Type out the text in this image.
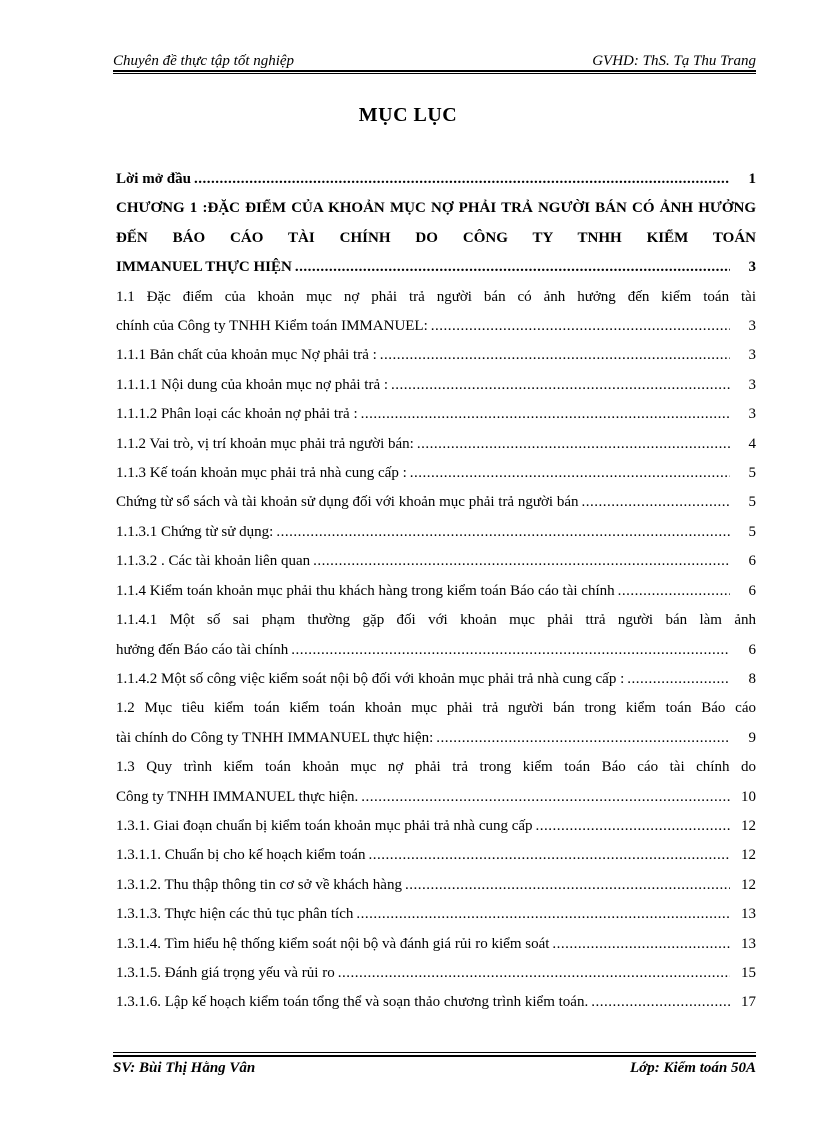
Chuyên đề thực tập tốt nghiệp	GVHD: ThS. Tạ Thu Trang
MỤC LỤC
Lời mở đầu .....	1
CHƯƠNG 1 :ĐẶC ĐIỂM CỦA KHOẢN MỤC NỢ PHẢI TRẢ NGƯỜI BÁN CÓ ẢNH HƯỞNG ĐẾN BÁO CÁO TÀI CHÍNH DO CÔNG TY TNHH KIỂM TOÁN
IMMANUEL THỰC HIỆN .....	3
1.1 Đặc điểm của khoản mục nợ phải trả người bán có ảnh hưởng đến kiểm toán tài
chính của Công ty TNHH Kiểm toán IMMANUEL: .....	3
1.1.1 Bản chất của khoản mục Nợ phải trả : .....	3
1.1.1.1 Nội dung của khoản mục nợ phải trả : .....	3
1.1.1.2 Phân loại các khoản nợ phải trả : .....	3
1.1.2 Vai trò, vị trí khoản mục phải trả người bán: .....	4
1.1.3 Kế toán khoản mục phải trả nhà cung cấp : .....	5
Chứng từ sổ sách và tài khoản sử dụng đối với khoản mục phải trả người bán .....	5
1.1.3.1 Chứng từ sử dụng: .....	5
1.1.3.2 . Các tài khoản liên quan .....	6
1.1.4 Kiểm toán khoản mục phải thu khách hàng trong kiểm toán Báo cáo tài chính .....	6
1.1.4.1 Một số sai phạm thường gặp đối với khoản mục phải ttrả người bán làm ảnh
hưởng đến Báo cáo tài chính .....	6
1.1.4.2 Một số công việc kiểm soát nội bộ đối với khoản mục phải trả nhà cung cấp : .....	8
1.2 Mục tiêu kiểm toán kiểm toán khoản mục phải trả người bán trong kiểm toán Báo cáo
tài chính do Công ty TNHH IMMANUEL thực hiện: .....	9
1.3 Quy trình kiểm toán khoản mục nợ phải trả trong kiểm toán Báo cáo tài chính do
Công ty TNHH IMMANUEL thực hiện. .....	10
1.3.1. Giai đoạn chuẩn bị kiểm toán khoản mục phải trả nhà cung cấp .....	12
1.3.1.1. Chuẩn bị cho kế hoạch kiểm toán .....	12
1.3.1.2. Thu thập thông tin cơ sở về khách hàng .....	12
1.3.1.3. Thực hiện các thủ tục phân tích .....	13
1.3.1.4. Tìm hiểu hệ thống kiểm soát nội bộ và đánh giá rủi ro kiểm soát .....	13
1.3.1.5. Đánh giá trọng yếu và rủi ro .....	15
1.3.1.6. Lập kế hoạch kiểm toán tổng thể và soạn thảo chương trình kiểm toán. .....	17
SV: Bùi Thị Hằng Vân	Lớp: Kiểm toán 50A
